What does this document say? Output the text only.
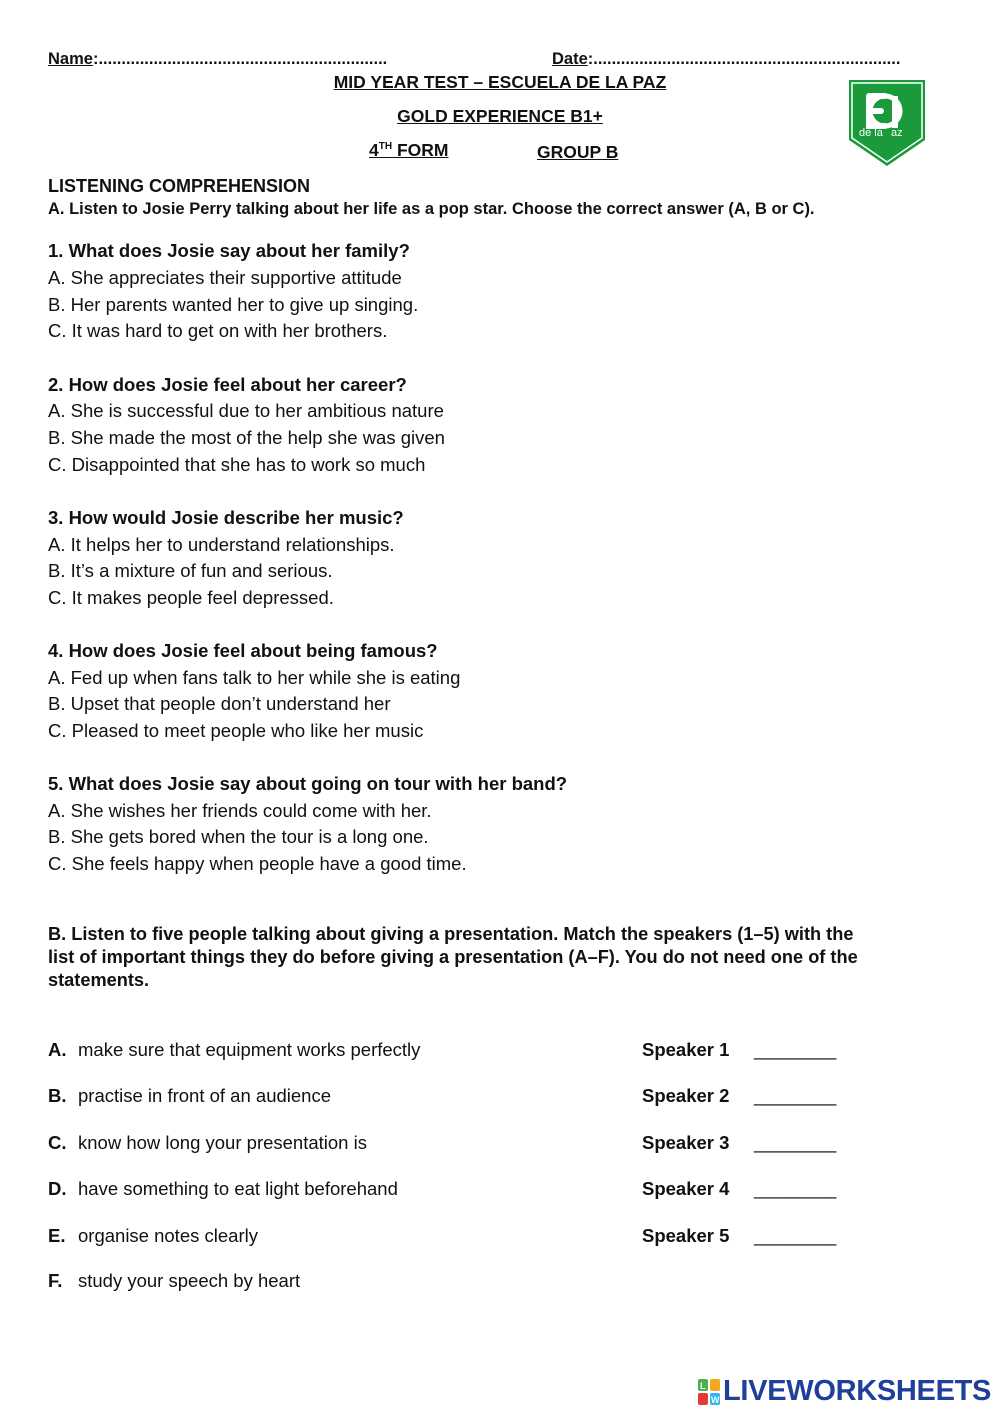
Name:...............................................................	Date:...................................................................
MID YEAR TEST – ESCUELA DE LA PAZ
GOLD EXPERIENCE B1+
4TH FORM	GROUP B
de la az
LISTENING COMPREHENSION
A. Listen to Josie Perry talking about her life as a pop star. Choose the correct answer (A, B or C).
1. What does Josie say about her family?
A. She appreciates their supportive attitude
B. Her parents wanted her to give up singing.
C. It was hard to get on with her brothers.
2. How does Josie feel about her career?
A. She is successful due to her ambitious nature
B. She made the most of the help she was given
C. Disappointed that she has to work so much
3. How would Josie describe her music?
A. It helps her to understand relationships.
B. It’s a mixture of fun and serious.
C. It makes people feel depressed.
4. How does Josie feel about being famous?
A. Fed up when fans talk to her while she is eating
B. Upset that people don’t understand her
C. Pleased to meet people who like her music
5. What does Josie say about going on tour with her band?
A. She wishes her friends could come with her.
B. She gets bored when the tour is a long one.
C. She feels happy when people have a good time.
B. Listen to five people talking about giving a presentation. Match the speakers (1–5) with the
list of important things they do before giving a presentation (A–F). You do not need one of the
statements.
A. make sure that equipment works perfectly	Speaker 1 ________
B. practise in front of an audience	Speaker 2 ________
C. know how long your presentation is	Speaker 3 ________
D. have something to eat light beforehand	Speaker 4 ________
E. organise notes clearly	Speaker 5 ________
F. study your speech by heart
L
W LIVEWORKSHEETS
